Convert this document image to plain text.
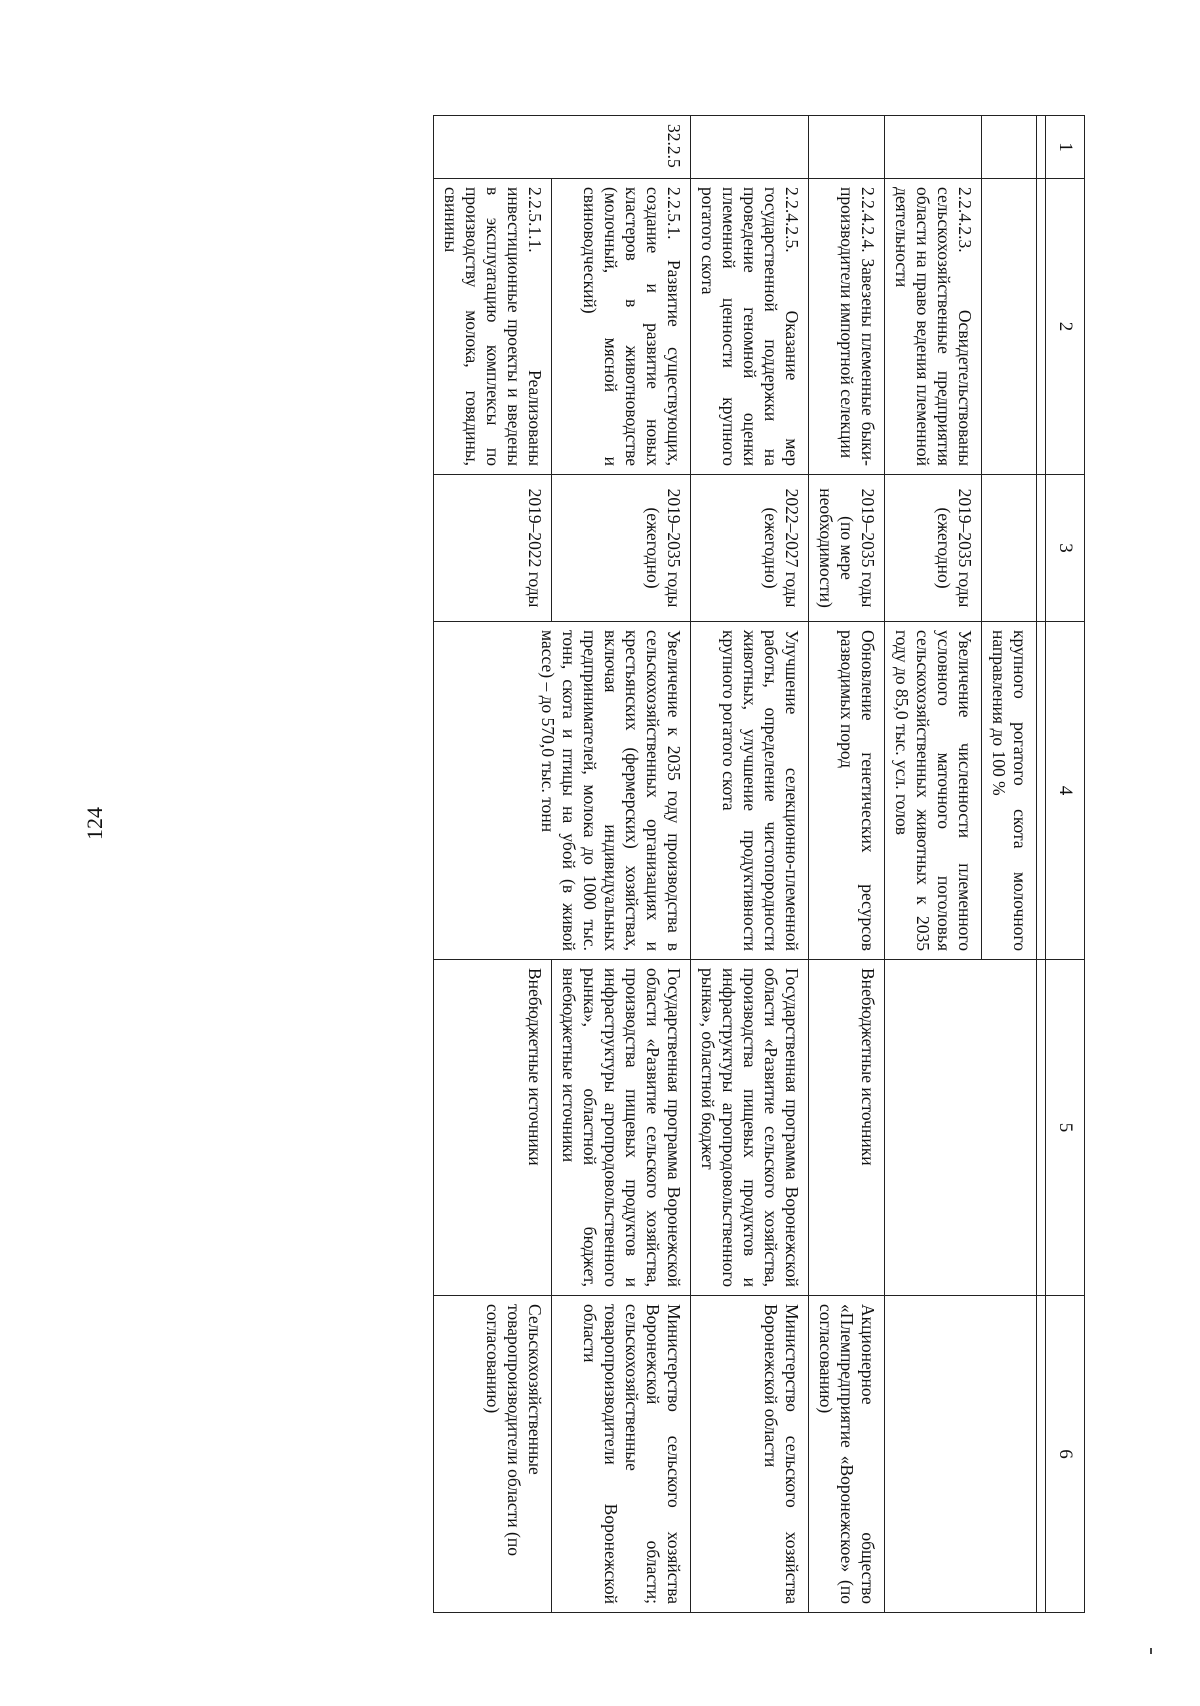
124
1	2	3	4	5	6

			крупного рогатого скота молочного направления до 100 %		
	2.2.4.2.3. Освидетельствованы сельскохозяйственные предприятия области на право ведения племенной деятельности	2019–2035 годы (ежегодно)	Увеличение численности племенного условного маточного поголовья сельскохозяйственных животных к 2035 году до 85,0 тыс. усл. голов		
	2.2.4.2.4. Завезены племенные быки-производители импортной селекции	2019–2035 годы (по мере необходимости)	Обновление генетических ресурсов разводимых пород	Внебюджетные источники	Акционерное общество «Племпредприятие «Воронежское» (по согласованию)
	2.2.4.2.5. Оказание мер государственной поддержки на проведение геномной оценки племенной ценности крупного рогатого скота	2022–2027 годы (ежегодно)	Улучшение селекционно-племенной работы, определение чистопородности животных, улучшение продуктивности крупного рогатого скота	Государственная программа Воронежской области «Развитие сельского хозяйства, производства пищевых продуктов и инфраструктуры агропродовольственного рынка», областной бюджет	Министерство сельского хозяйства Воронежской области
32.2.5	2.2.5.1. Развитие существующих, создание и развитие новых кластеров в животноводстве (молочный, мясной и свиноводческий)	2019–2035 годы (ежегодно)	Увеличение к 2035 году производства в сельскохозяйственных организациях и крестьянских (фермерских) хозяйствах, включая индивидуальных предпринимателей, молока до 1000 тыс. тонн, скота и птицы на убой (в живой массе) – до 570,0 тыс. тонн	Государственная программа Воронежской области «Развитие сельского хозяйства, производства пищевых продуктов и инфраструктуры агропродовольственного рынка», областной бюджет, внебюджетные источники	Министерство сельского хозяйства Воронежской области; сельскохозяйственные товаропроизводители Воронежской области
	2.2.5.1.1. Реализованы инвестиционные проекты и введены в эксплуатацию комплексы по производству молока, говядины, свинины	2019–2022 годы		Внебюджетные источники	Сельскохозяйственные товаропроизводители области (по согласованию)
